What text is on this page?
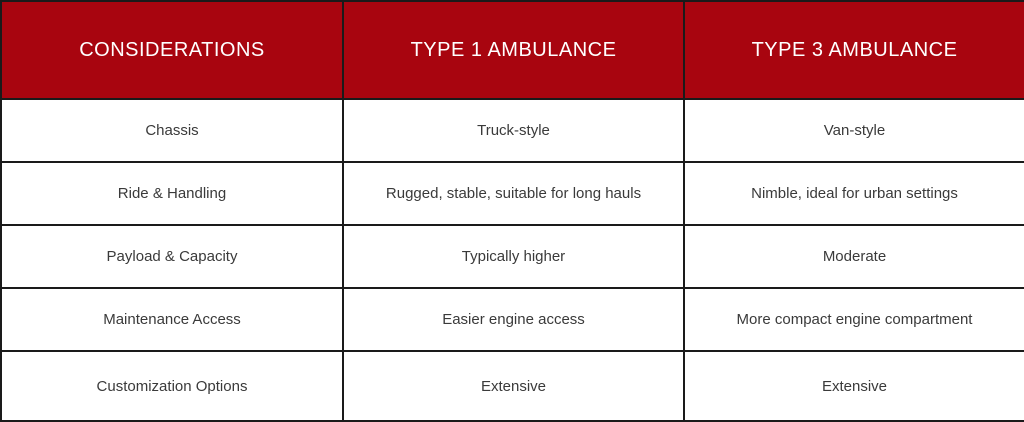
CONSIDERATIONS	TYPE 1 AMBULANCE	TYPE 3 AMBULANCE
Chassis	Truck-style	Van-style
Ride & Handling	Rugged, stable, suitable for long hauls	Nimble, ideal for urban settings
Payload & Capacity	Typically higher	Moderate
Maintenance Access	Easier engine access	More compact engine compartment
Customization Options	Extensive	Extensive
